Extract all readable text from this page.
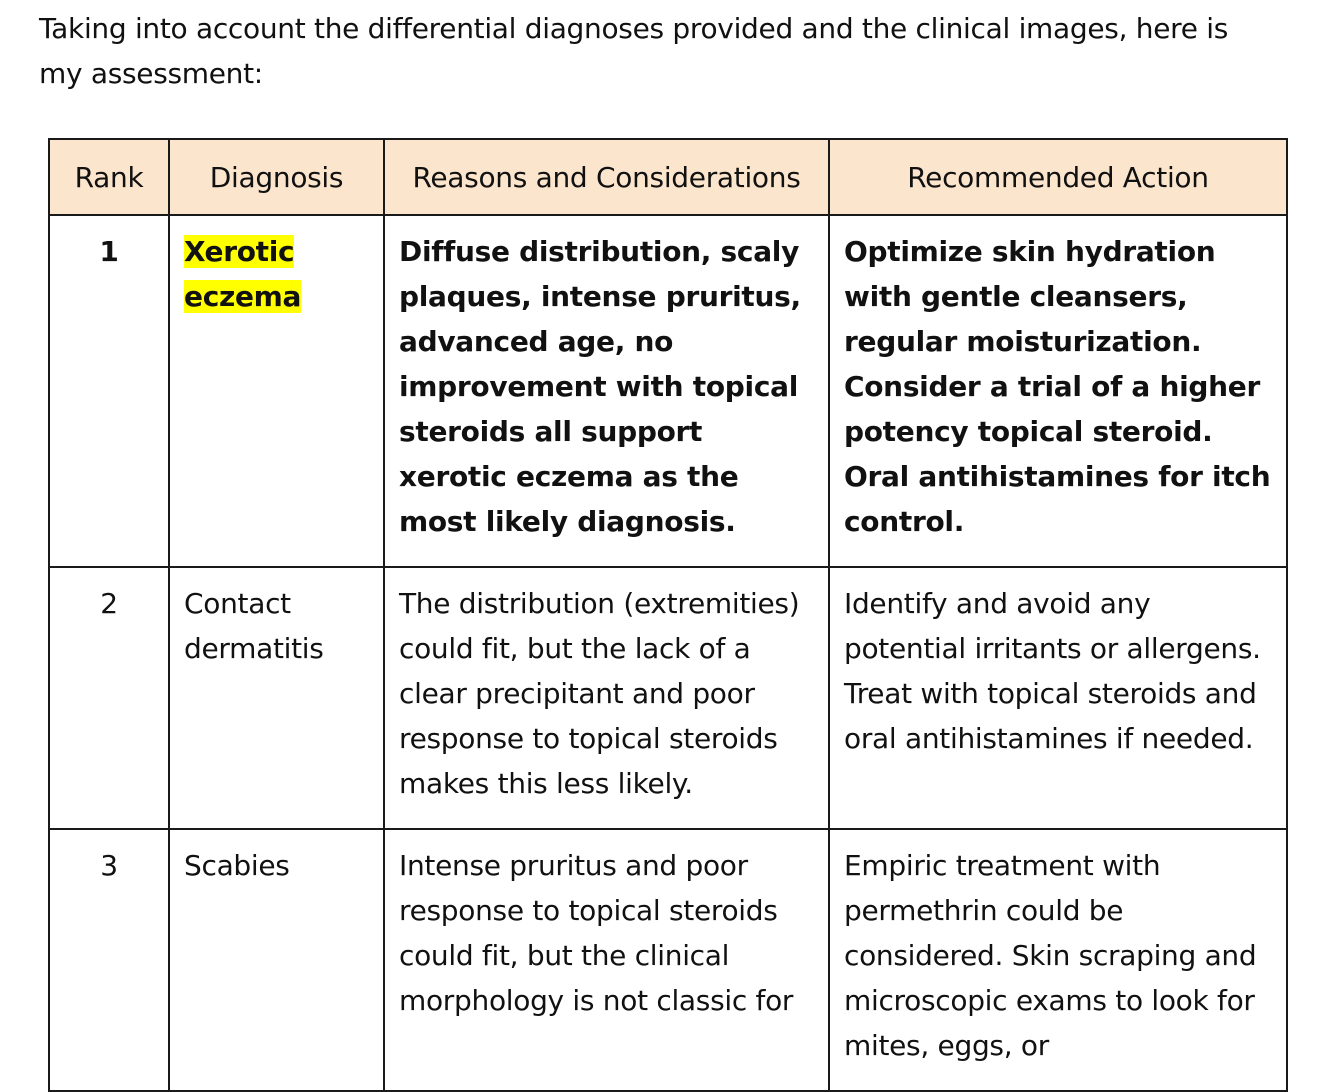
Taking into account the differential diagnoses provided and the clinical images, here is my assessment:

Rank	Diagnosis	Reasons and Considerations	Recommended Action
1	Xerotic eczema	Diffuse distribution, scaly plaques, intense pruritus, advanced age, no improvement with topical steroids all support xerotic eczema as the most likely diagnosis.	Optimize skin hydration with gentle cleansers, regular moisturization. Consider a trial of a higher potency topical steroid. Oral antihistamines for itch control.
2	Contact dermatitis	The distribution (extremities) could fit, but the lack of a clear precipitant and poor response to topical steroids makes this less likely.	Identify and avoid any potential irritants or allergens. Treat with topical steroids and oral antihistamines if needed.
3	Scabies	Intense pruritus and poor response to topical steroids could fit, but the clinical morphology is not classic for	Empiric treatment with permethrin could be considered. Skin scraping and microscopic exams to look for mites, eggs, or
